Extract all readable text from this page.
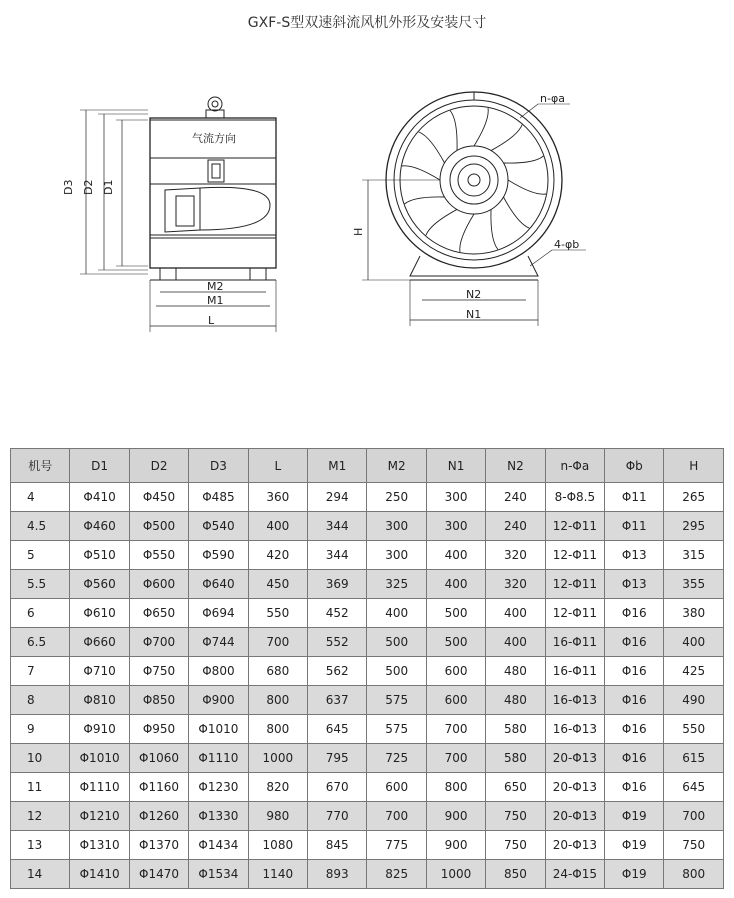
GXF-S型双速斜流风机外形及安装尺寸
D3 D2 D1
气流方向
M2
M1
L
H
n-φa
4-φb
N2
N1
机号	D1	D2	D3	L	M1	M2	N1	N2	n-Φa	Φb	H
4	Φ410	Φ450	Φ485	360	294	250	300	240	8-Φ8.5	Φ11	265
4.5	Φ460	Φ500	Φ540	400	344	300	300	240	12-Φ11	Φ11	295
5	Φ510	Φ550	Φ590	420	344	300	400	320	12-Φ11	Φ13	315
5.5	Φ560	Φ600	Φ640	450	369	325	400	320	12-Φ11	Φ13	355
6	Φ610	Φ650	Φ694	550	452	400	500	400	12-Φ11	Φ16	380
6.5	Φ660	Φ700	Φ744	700	552	500	500	400	16-Φ11	Φ16	400
7	Φ710	Φ750	Φ800	680	562	500	600	480	16-Φ11	Φ16	425
8	Φ810	Φ850	Φ900	800	637	575	600	480	16-Φ13	Φ16	490
9	Φ910	Φ950	Φ1010	800	645	575	700	580	16-Φ13	Φ16	550
10	Φ1010	Φ1060	Φ1110	1000	795	725	700	580	20-Φ13	Φ16	615
11	Φ1110	Φ1160	Φ1230	820	670	600	800	650	20-Φ13	Φ16	645
12	Φ1210	Φ1260	Φ1330	980	770	700	900	750	20-Φ13	Φ19	700
13	Φ1310	Φ1370	Φ1434	1080	845	775	900	750	20-Φ13	Φ19	750
14	Φ1410	Φ1470	Φ1534	1140	893	825	1000	850	24-Φ15	Φ19	800
